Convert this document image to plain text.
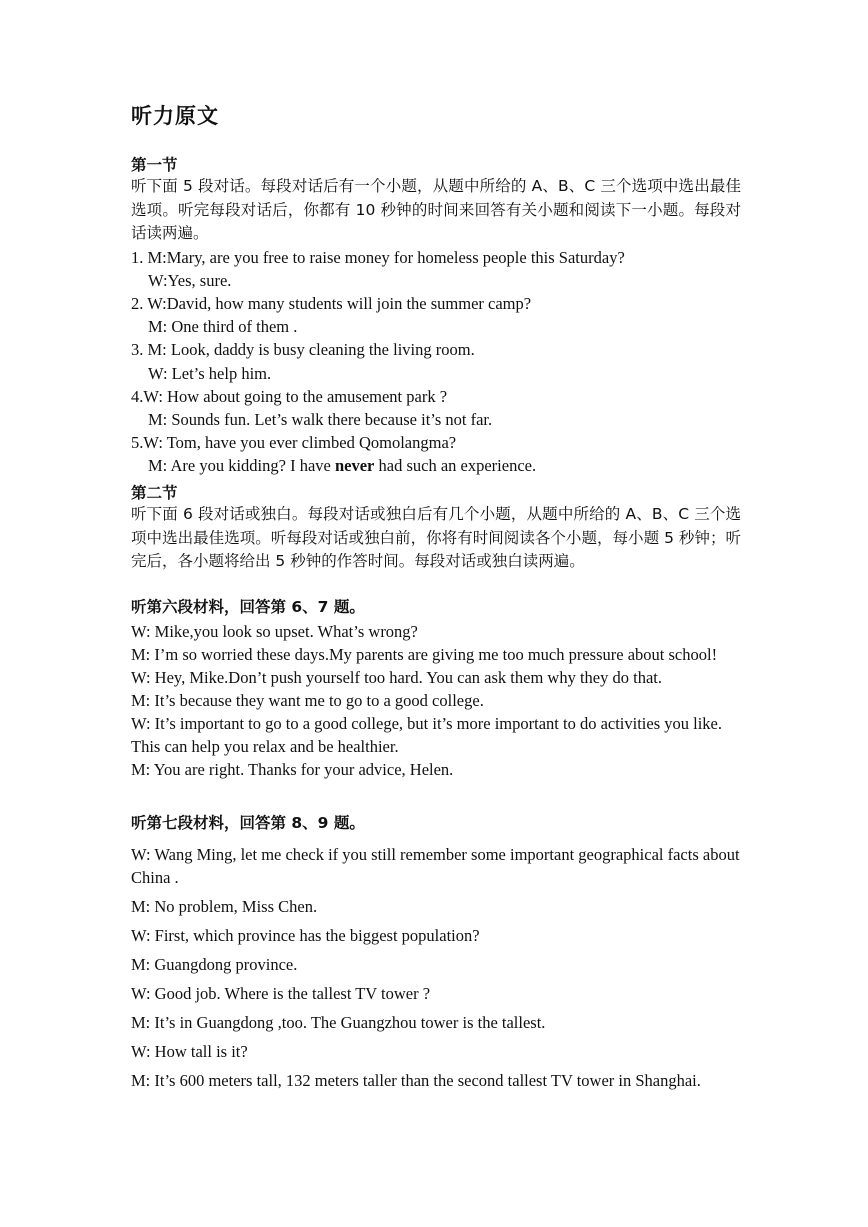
听力原文
第一节
听下面 5 段对话。每段对话后有一个小题，从题中所给的 A、B、C 三个选项中选出最佳选项。听完每段对话后，你都有 10 秒钟的时间来回答有关小题和阅读下一小题。每段对话读两遍。
1. M:Mary, are you free to raise money for homeless people this Saturday?
W:Yes, sure.
2. W:David, how many students will join the summer camp?
M: One third of them .
3. M: Look, daddy is busy cleaning the living room.
W: Let’s help him.
4.W: How about going to the amusement park ?
M: Sounds fun. Let’s walk there because it’s not far.
5.W: Tom, have you ever climbed Qomolangma?
M: Are you kidding? I have never had such an experience.
第二节
听下面 6 段对话或独白。每段对话或独白后有几个小题，从题中所给的 A、B、C 三个选项中选出最佳选项。听每段对话或独白前，你将有时间阅读各个小题，每小题 5 秒钟；听完后，各小题将给出 5 秒钟的作答时间。每段对话或独白读两遍。
听第六段材料，回答第 6、7 题。
W: Mike,you look so upset. What’s wrong?
M: I’m so worried these days.My parents are giving me too much pressure about school!
W: Hey, Mike.Don’t push yourself too hard. You can ask them why they do that.
M: It’s because they want me to go to a good college.
W: It’s important to go to a good college, but it’s more important to do activities you like. This can help you relax and be healthier.
M: You are right. Thanks for your advice, Helen.
听第七段材料，回答第 8、9 题。
W: Wang Ming, let me check if you still remember some important geographical facts about China .
M: No problem, Miss Chen.
W: First, which province has the biggest population?
M: Guangdong province.
W: Good job. Where is the tallest TV tower ?
M: It’s in Guangdong ,too. The Guangzhou tower is the tallest.
W: How tall is it?
M: It’s 600 meters tall, 132 meters taller than the second tallest TV tower in Shanghai.
